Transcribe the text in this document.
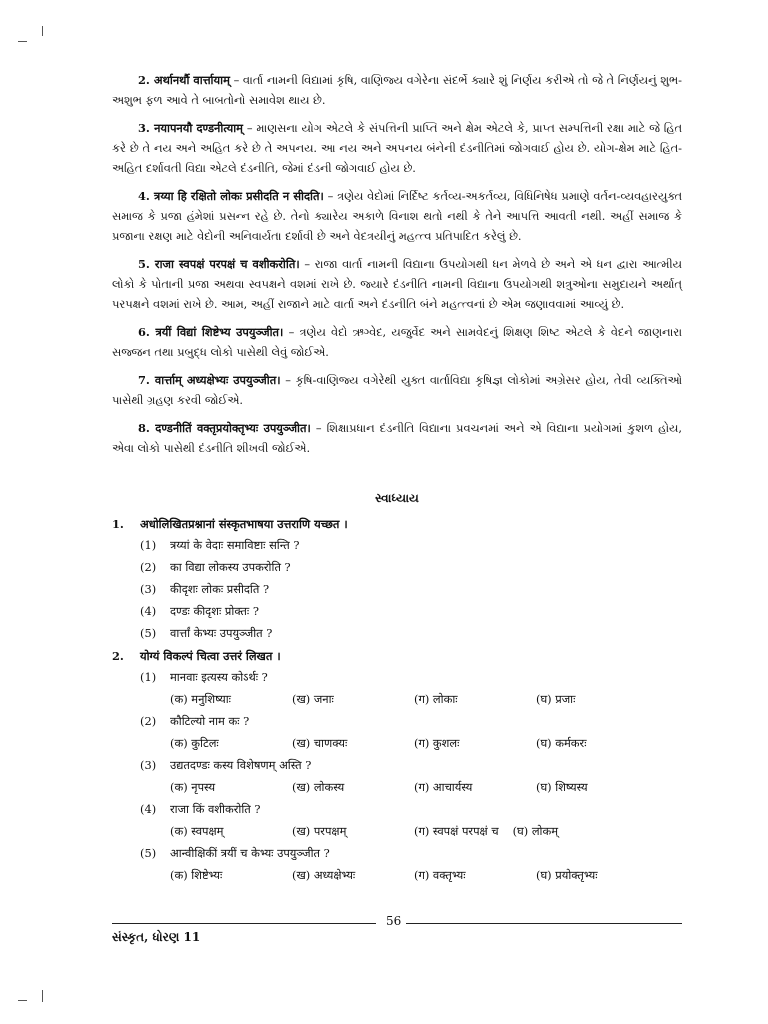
2. अर्थानर्थौ वार्त्तायाम् – વાર્તા નામની વિદ્યામાં કૃષિ, વાણિજ્ય વગેરેના સંદર્ભે ક્યારે શું નિર્ણય કરીએ તો જે તે નિર્ણયનું શુભ-અશુભ ફળ આવે તે બાબતોનો સમાવેશ થાય છે.

3. नयापनयौ दण्डनीत्याम् – માણસના યોગ એટલે કે સંપત્તિની પ્રાપ્તિ અને ક્ષેમ એટલે કે, પ્રાપ્ત સમ્પત્તિની રક્ષા માટે જે હિત કરે છે તે નય અને અહિત કરે છે તે અપનય. આ નય અને અપનય બંનેની દંડનીતિમાં જોગવાઈ હોય છે. યોગ-ક્ષેમ માટે હિત-અહિત દર્શાવતી વિદ્યા એટલે દંડનીતિ, જેમાં દંડની જોગવાઈ હોય છે.

4. त्रय्या हि रक्षितो लोकः प्रसीदति न सीदति। – ત્રણેય વેદોમાં નિર્દિષ્ટ કર્તવ્ય-અકર્તવ્ય, વિધિનિષેધ પ્રમાણે વર્તન-વ્યવહારયુક્ત સમાજ કે પ્રજા હંમેશાં પ્રસન્ન રહે છે. તેનો ક્યારેય અકાળે વિનાશ થતો નથી કે તેને આપત્તિ આવતી નથી. અહીં સમાજ કે પ્રજાના રક્ષણ માટે વેદોની અનિવાર્યતા દર્શાવી છે અને વેદત્રયીનું મહત્ત્વ પ્રતિપાદિત કરેલું છે.

5. राजा स्वपक्षं परपक्षं च वशीकरोति। – રાજા વાર્તા નામની વિદ્યાના ઉપયોગથી ધન મેળવે છે અને એ ધન દ્વારા આત્મીય લોકો કે પોતાની પ્રજા અથવા સ્વપક્ષને વશમાં રાખે છે. જ્યારે દંડનીતિ નામની વિદ્યાના ઉપયોગથી શત્રુઓના સમુદાયને અર્થાત્ પરપક્ષને વશમાં રાખે છે. આમ, અહીં રાજાને માટે વાર્તા અને દંડનીતિ બંને મહત્ત્વનાં છે એમ જણાવવામાં આવ્યું છે.

6. त्रयीं विद्यां शिष्टेभ्य उपयुञ्जीत। – ત્રણેય વેદો ઋગ્વેદ, યજુર્વેદ અને સામવેદનું શિક્ષણ શિષ્ટ એટલે કે વેદને જાણનારા સજ્જન તથા પ્રબુદ્ધ લોકો પાસેથી લેવું જોઈએ.

7. वार्त्ताम् अध्यक्षेभ्यः उपयुञ्जीत। – કૃષિ-વાણિજ્ય વગેરેથી યુક્ત વાર્તાવિદ્યા કૃષિજ્ઞ લોકોમાં અગ્રેસર હોય, તેવી વ્યક્તિઓ પાસેથી ગ્રહણ કરવી જોઈએ.

8. दण्डनीतिं वक्तृप्रयोक्तृभ्यः उपयुञ्जीत। – શિક્ષાપ્રધાન દંડનીતિ વિદ્યાના પ્રવચનમાં અને એ વિદ્યાના પ્રયોગમાં કુશળ હોય, એવા લોકો પાસેથી દંડનીતિ શીખવી જોઈએ.

સ્વાધ્યાય
1.	अधोलिखितप्रश्नानां संस्कृतभाषया उत्तराणि यच्छत ।
(1)	त्रय्यां के वेदाः समाविष्टाः सन्ति ?
(2)	का विद्या लोकस्य उपकरोति ?
(3)	कीदृशः लोकः प्रसीदति ?
(4)	दण्डः कीदृशः प्रोक्तः ?
(5)	वार्त्तां केभ्यः उपयुञ्जीत ?
2.	योग्यं विकल्पं चित्वा उत्तरं लिखत ।
(1)	मानवाः इत्यस्य कोऽर्थः ?
(क) मनुशिष्याः	(ख) जनाः	(ग) लोकाः	(घ) प्रजाः
(2)	कौटिल्यो नाम कः ?
(क) कुटिलः	(ख) चाणक्यः	(ग) कुशलः	(घ) कर्मकरः
(3)	उद्यतदण्डः कस्य विशेषणम् अस्ति ?
(क) नृपस्य	(ख) लोकस्य	(ग) आचार्यस्य	(घ) शिष्यस्य
(4)	राजा किं वशीकरोति ?
(क) स्वपक्षम्	(ख) परपक्षम्	(ग) स्वपक्षं परपक्षं च (घ) लोकम्
(5)	आन्वीक्षिकीं त्रयीं च केभ्यः उपयुञ्जीत ?
(क) शिष्टेभ्यः	(ख) अध्यक्षेभ्यः	(ग) वक्तृभ्यः	(घ) प्रयोक्तृभ्यः
56
સંસ્કૃત, ધોરણ 11
